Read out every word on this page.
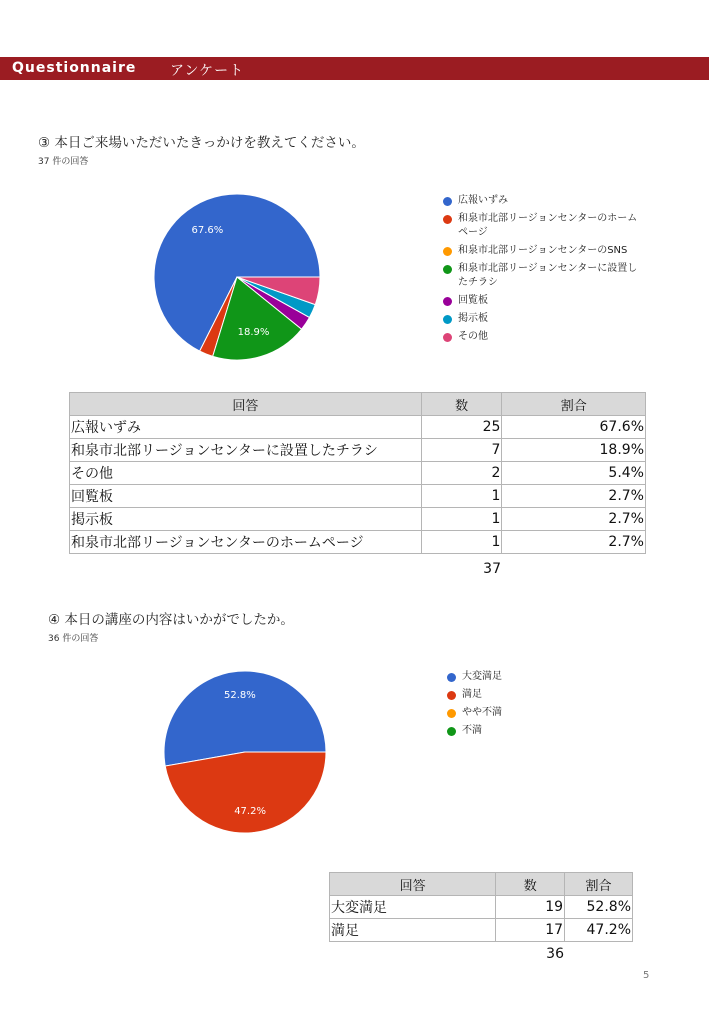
Questionnaire アンケート
③ 本日ご来場いただいたきっかけを教えてください。
37 件の回答
67.6%
18.9%
広報いずみ
和泉市北部リージョンセンターのホーム
ページ
和泉市北部リージョンセンターのSNS
和泉市北部リージョンセンターに設置し
たチラシ
回覧板
掲示板
その他
回答	数	割合
広報いずみ	25	67.6%
和泉市北部リージョンセンターに設置したチラシ	7	18.9%
その他	2	5.4%
回覧板	1	2.7%
掲示板	1	2.7%
和泉市北部リージョンセンターのホームページ	1	2.7%
37
④ 本日の講座の内容はいかがでしたか。
36 件の回答
52.8%
47.2%
大変満足
満足
やや不満
不満
回答	数	割合
大変満足	19	52.8%
満足	17	47.2%
36
5
